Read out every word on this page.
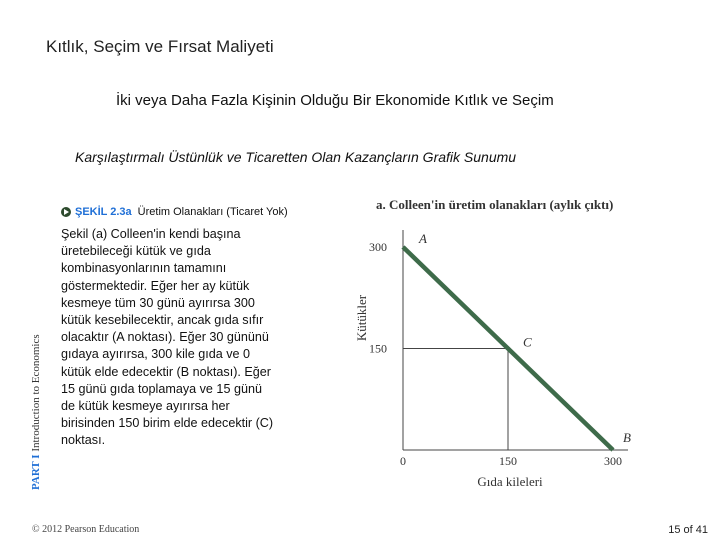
Kıtlık, Seçim ve Fırsat Maliyeti
İki veya Daha Fazla Kişinin Olduğu Bir Ekonomide Kıtlık ve Seçim
Karşılaştırmalı Üstünlük ve Ticaretten Olan Kazançların Grafik Sunumu
ŞEKİL 2.3a Üretim Olanakları (Ticaret Yok)
Şekil (a) Colleen'in kendi başına üretebileceği kütük ve gıda kombinasyonlarının tamamını göstermektedir. Eğer her ay kütük kesmeye tüm 30 günü ayırırsa 300 kütük kesebilecektir, ancak gıda sıfır olacaktır (A noktası). Eğer 30 gününü gıdaya ayırırsa, 300 kile gıda ve 0 kütük elde edecektir (B noktası). Eğer 15 günü gıda toplamaya ve 15 günü de kütük kesmeye ayırırsa her birisinden 150 birim elde edecektir (C) noktası.
PART I Introduction to Economics
a. Colleen'in üretim olanakları (aylık çıktı)
300
150
0	150	300
A
C
B
Gıda kileleri
Kütükler
© 2012 Pearson Education	15 of 41
